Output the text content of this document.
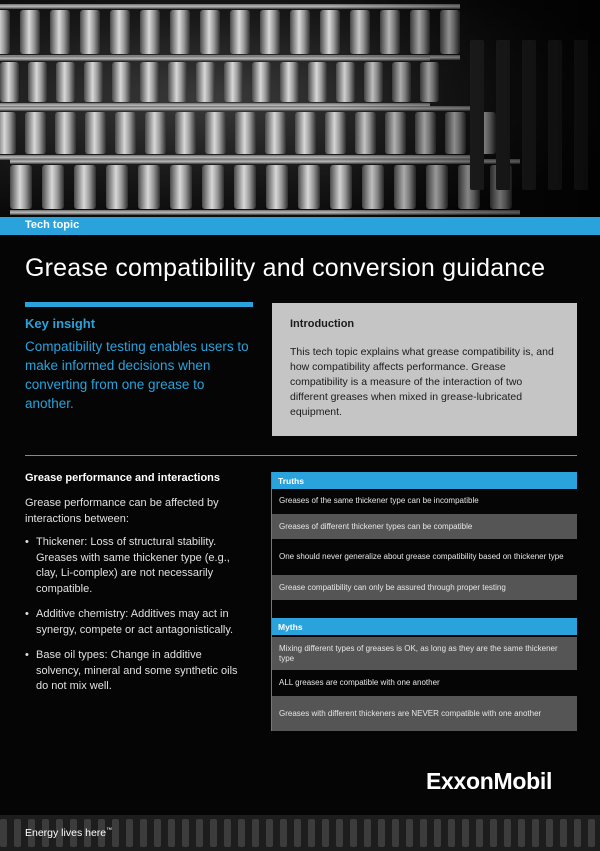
Tech topic
Grease compatibility and conversion guidance
Key insight
Compatibility testing enables users to make informed decisions when converting from one grease to another.
Introduction
This tech topic explains what grease compatibility is, and how compatibility affects performance. Grease compatibility is a measure of the interaction of two different greases when mixed in grease-lubricated equipment.
Grease performance and interactions
Grease performance can be affected by interactions between:
• Thickener: Loss of structural stability. Greases with same thickener type (e.g., clay, Li-complex) are not necessarily compatible.
• Additive chemistry: Additives may act in synergy, compete or act antagonistically.
• Base oil types: Change in additive solvency, mineral and some synthetic oils do not mix well.
Truths
Greases of the same thickener type can be incompatible
Greases of different thickener types can be compatible
One should never generalize about grease compatibility based on thickener type
Grease compatibility can only be assured through proper testing
Myths
Mixing different types of greases is OK, as long as they are the same thickener type
ALL greases are compatible with one another
Greases with different thickeners are NEVER compatible with one another
ExxonMobil
Energy lives here™
